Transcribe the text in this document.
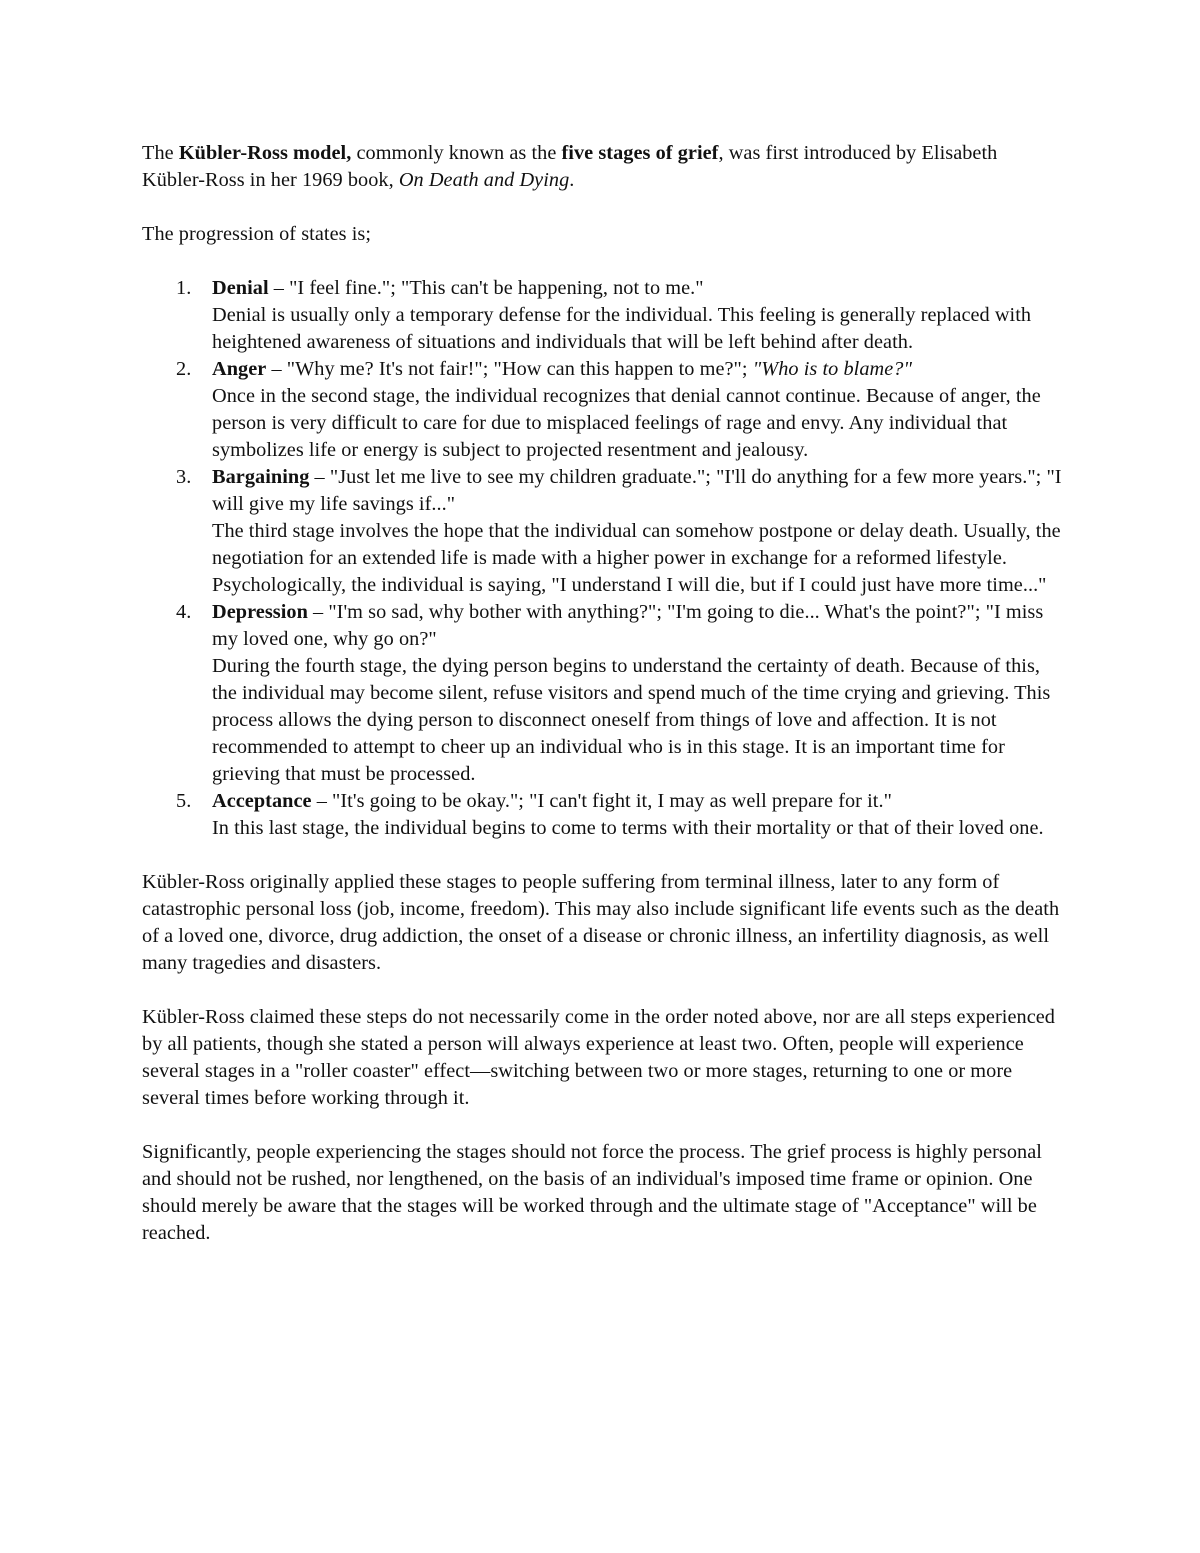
The Kübler-Ross model, commonly known as the five stages of grief, was first introduced by Elisabeth Kübler-Ross in her 1969 book, On Death and Dying.

The progression of states is;

1. Denial – "I feel fine."; "This can't be happening, not to me."
Denial is usually only a temporary defense for the individual. This feeling is generally replaced with heightened awareness of situations and individuals that will be left behind after death.
2. Anger – "Why me? It's not fair!"; "How can this happen to me?"; "Who is to blame?"
Once in the second stage, the individual recognizes that denial cannot continue. Because of anger, the person is very difficult to care for due to misplaced feelings of rage and envy. Any individual that symbolizes life or energy is subject to projected resentment and jealousy.
3. Bargaining – "Just let me live to see my children graduate."; "I'll do anything for a few more years."; "I will give my life savings if..."
The third stage involves the hope that the individual can somehow postpone or delay death. Usually, the negotiation for an extended life is made with a higher power in exchange for a reformed lifestyle. Psychologically, the individual is saying, "I understand I will die, but if I could just have more time..."
4. Depression – "I'm so sad, why bother with anything?"; "I'm going to die... What's the point?"; "I miss my loved one, why go on?"
During the fourth stage, the dying person begins to understand the certainty of death. Because of this, the individual may become silent, refuse visitors and spend much of the time crying and grieving. This process allows the dying person to disconnect oneself from things of love and affection. It is not recommended to attempt to cheer up an individual who is in this stage. It is an important time for grieving that must be processed.
5. Acceptance – "It's going to be okay."; "I can't fight it, I may as well prepare for it."
In this last stage, the individual begins to come to terms with their mortality or that of their loved one.

Kübler-Ross originally applied these stages to people suffering from terminal illness, later to any form of catastrophic personal loss (job, income, freedom). This may also include significant life events such as the death of a loved one, divorce, drug addiction, the onset of a disease or chronic illness, an infertility diagnosis, as well many tragedies and disasters.

Kübler-Ross claimed these steps do not necessarily come in the order noted above, nor are all steps experienced by all patients, though she stated a person will always experience at least two. Often, people will experience several stages in a "roller coaster" effect—switching between two or more stages, returning to one or more several times before working through it.

Significantly, people experiencing the stages should not force the process. The grief process is highly personal and should not be rushed, nor lengthened, on the basis of an individual's imposed time frame or opinion. One should merely be aware that the stages will be worked through and the ultimate stage of "Acceptance" will be reached.
